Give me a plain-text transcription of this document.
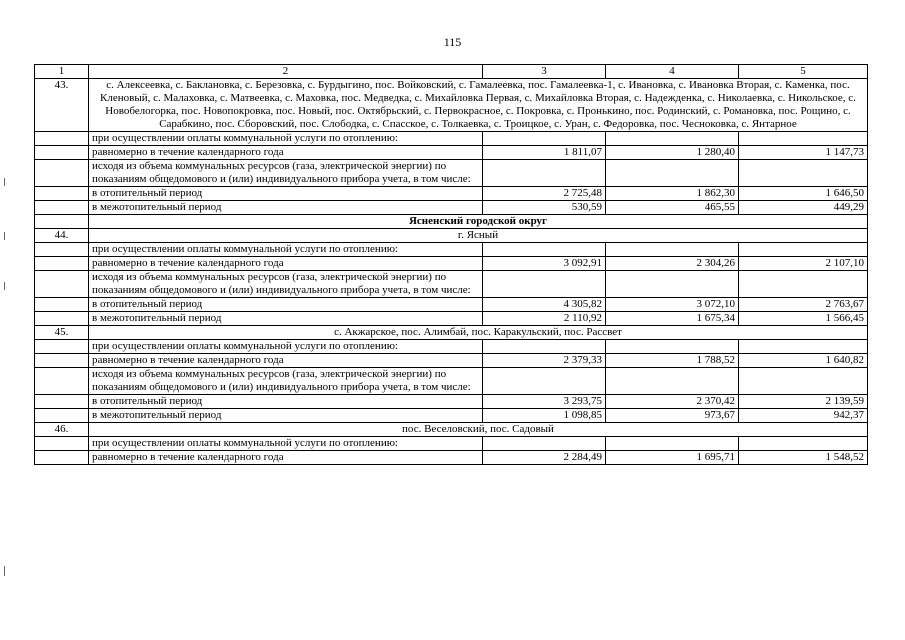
115
1	2	3	4	5
43.	с. Алексеевка, с. Баклановка, с. Березовка, с. Бурдыгино, пос. Войковский, с. Гамалеевка, пос. Гамалеевка-1, с. Ивановка, с. Ивановка Вторая, с. Каменка, пос. Кленовый, с. Малаховка, с. Матвеевка, с. Маховка, пос. Медведка, с. Михайловка Первая, с. Михайловка Вторая, с. Надежденка, с. Николаевка, с. Никольское, с. Новобелогорка, пос. Новопокровка, пос. Новый, пос. Октябрьский, с. Первокрасное, с. Покровка, с. Пронькино, пос. Родинский, с. Романовка, пос. Рощино, с. Сарабкино, пос. Сборовский, пос. Слободка, с. Спасское, с. Толкаевка, с. Троицкое, с. Уран, с. Федоровка, пос. Чесноковка, с. Янтарное			
	при осуществлении оплаты коммунальной услуги по отоплению:			
	равномерно в течение календарного года	1 811,07	1 280,40	1 147,73
	исходя из объема коммунальных ресурсов (газа, электрической энергии) по показаниям общедомового и (или) индивидуального прибора учета, в том числе:			
	в отопительный период	2 725,48	1 862,30	1 646,50
	в межотопительный период	530,59	465,55	449,29
	Ясненский городской округ			
44.	г. Ясный			
	при осуществлении оплаты коммунальной услуги по отоплению:			
	равномерно в течение календарного года	3 092,91	2 304,26	2 107,10
	исходя из объема коммунальных ресурсов (газа, электрической энергии) по показаниям общедомового и (или) индивидуального прибора учета, в том числе:			
	в отопительный период	4 305,82	3 072,10	2 763,67
	в межотопительный период	2 110,92	1 675,34	1 566,45
45.	с. Акжарское, пос. Алимбай, пос. Каракульский, пос. Рассвет			
	при осуществлении оплаты коммунальной услуги по отоплению:			
	равномерно в течение календарного года	2 379,33	1 788,52	1 640,82
	исходя из объема коммунальных ресурсов (газа, электрической энергии) по показаниям общедомового и (или) индивидуального прибора учета, в том числе:			
	в отопительный период	3 293,75	2 370,42	2 139,59
	в межотопительный период	1 098,85	973,67	942,37
46.	пос. Веселовский, пос. Садовый			
	при осуществлении оплаты коммунальной услуги по отоплению:			
	равномерно в течение календарного года	2 284,49	1 695,71	1 548,52
